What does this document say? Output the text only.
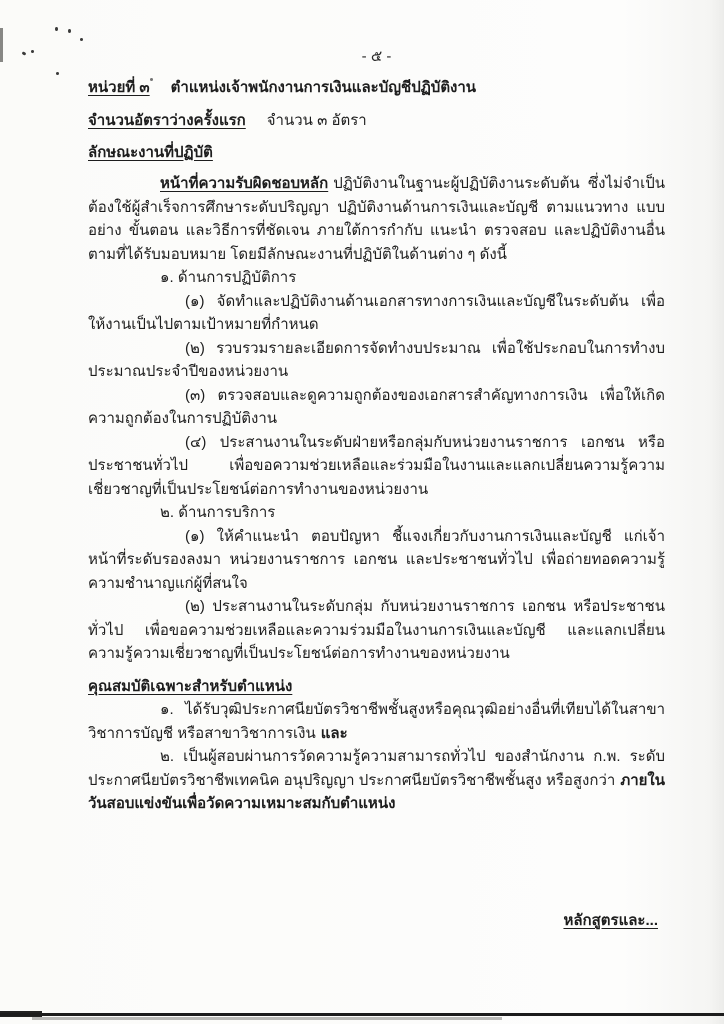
- ๕ -

หน่วยที่ ๓ ตำแหน่งเจ้าพนักงานการเงินและบัญชีปฏิบัติงาน

จำนวนอัตราว่างครั้งแรก จำนวน ๓ อัตรา

ลักษณะงานที่ปฏิบัติ

หน้าที่ความรับผิดชอบหลัก ปฏิบัติงานในฐานะผู้ปฏิบัติงานระดับต้น ซึ่งไม่จำเป็นต้องใช้ผู้สำเร็จการศึกษาระดับปริญญา ปฏิบัติงานด้านการเงินและบัญชี ตามแนวทาง แบบอย่าง ขั้นตอน และวิธีการที่ชัดเจน ภายใต้การกำกับ แนะนำ ตรวจสอบ และปฏิบัติงานอื่นตามที่ได้รับมอบหมาย โดยมีลักษณะงานที่ปฏิบัติในด้านต่าง ๆ ดังนี้

๑. ด้านการปฏิบัติการ

(๑) จัดทำและปฏิบัติงานด้านเอกสารทางการเงินและบัญชีในระดับต้น เพื่อให้งานเป็นไปตามเป้าหมายที่กำหนด

(๒) รวบรวมรายละเอียดการจัดทำงบประมาณ เพื่อใช้ประกอบในการทำงบประมาณประจำปีของหน่วยงาน

(๓) ตรวจสอบและดูความถูกต้องของเอกสารสำคัญทางการเงิน เพื่อให้เกิดความถูกต้องในการปฏิบัติงาน

(๔) ประสานงานในระดับฝ่ายหรือกลุ่มกับหน่วยงานราชการ เอกชน หรือประชาชนทั่วไป เพื่อขอความช่วยเหลือและร่วมมือในงานและแลกเปลี่ยนความรู้ความเชี่ยวชาญที่เป็นประโยชน์ต่อการทำงานของหน่วยงาน

๒. ด้านการบริการ

(๑) ให้คำแนะนำ ตอบปัญหา ชี้แจงเกี่ยวกับงานการเงินและบัญชี แก่เจ้าหน้าที่ระดับรองลงมา หน่วยงานราชการ เอกชน และประชาชนทั่วไป เพื่อถ่ายทอดความรู้ ความชำนาญแก่ผู้ที่สนใจ

(๒) ประสานงานในระดับกลุ่ม กับหน่วยงานราชการ เอกชน หรือประชาชนทั่วไป เพื่อขอความช่วยเหลือและความร่วมมือในงานการเงินและบัญชี และแลกเปลี่ยนความรู้ความเชี่ยวชาญที่เป็นประโยชน์ต่อการทำงานของหน่วยงาน

คุณสมบัติเฉพาะสำหรับตำแหน่ง

๑. ได้รับวุฒิประกาศนียบัตรวิชาชีพชั้นสูงหรือคุณวุฒิอย่างอื่นที่เทียบได้ในสาขาวิชาการบัญชี หรือสาขาวิชาการเงิน และ

๒. เป็นผู้สอบผ่านการวัดความรู้ความสามารถทั่วไป ของสำนักงาน ก.พ. ระดับประกาศนียบัตรวิชาชีพเทคนิค อนุปริญญา ประกาศนียบัตรวิชาชีพชั้นสูง หรือสูงกว่า ภายในวันสอบแข่งขันเพื่อวัดความเหมาะสมกับตำแหน่ง

หลักสูตรและ...
